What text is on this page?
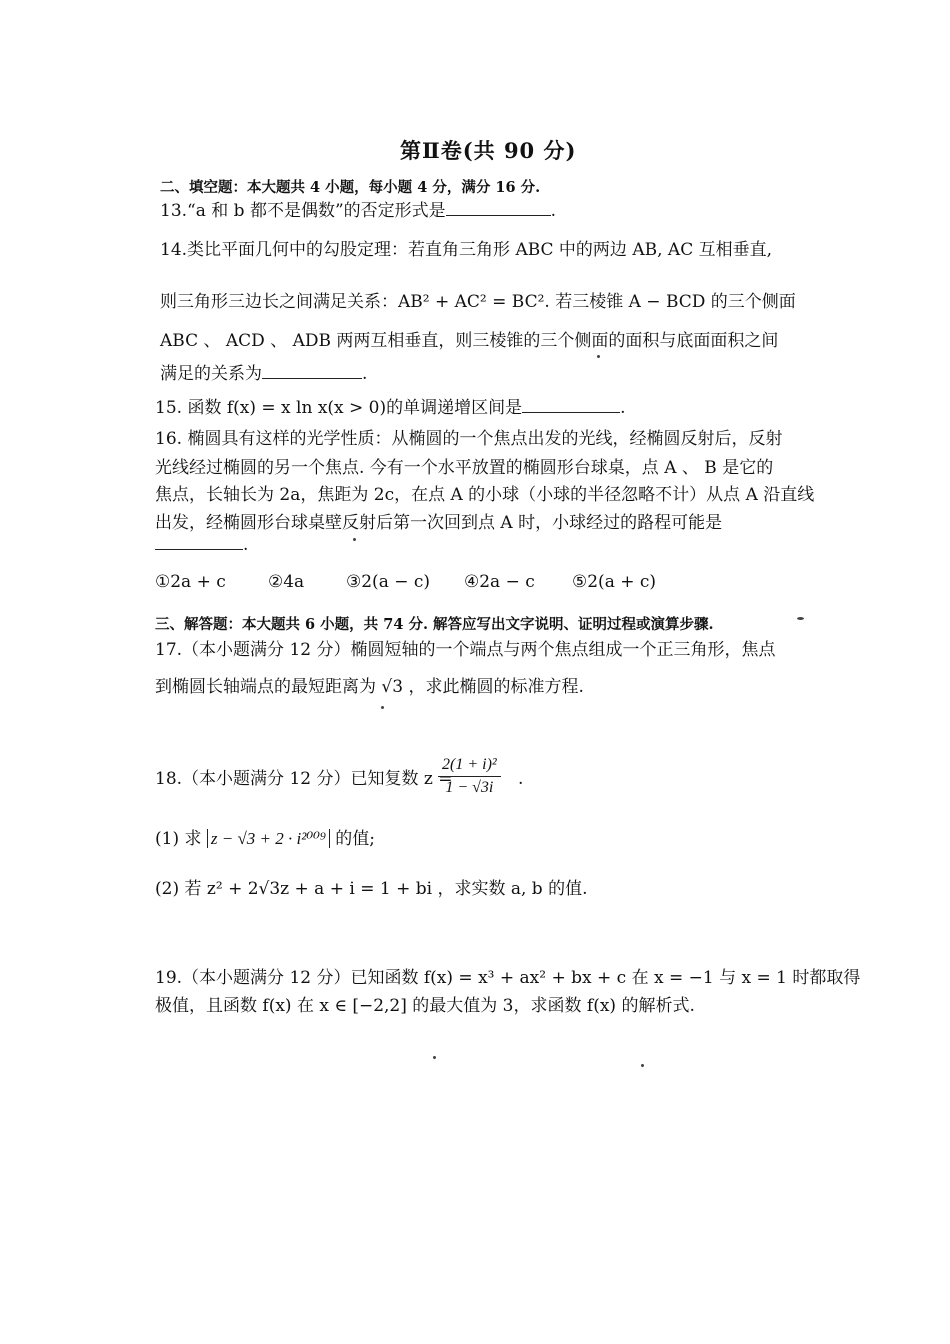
第Ⅱ卷(共 90 分)
二、填空题：本大题共 4 小题，每小题 4 分，满分 16 分.
13.“a 和 b 都不是偶数”的否定形式是	.
14.类比平面几何中的勾股定理：若直角三角形 ABC 中的两边 AB, AC 互相垂直,
则三角形三边长之间满足关系：AB² + AC² = BC². 若三棱锥 A − BCD 的三个侧面
ABC 、 ACD 、 ADB 两两互相垂直，则三棱锥的三个侧面的面积与底面面积之间
满足的关系为	.
15. 函数 f(x) = x ln x(x > 0)的单调递增区间是	.
16. 椭圆具有这样的光学性质：从椭圆的一个焦点出发的光线，经椭圆反射后，反射
光线经过椭圆的另一个焦点. 今有一个水平放置的椭圆形台球桌，点 A 、 B 是它的
焦点，长轴长为 2a，焦距为 2c，在点 A 的小球（小球的半径忽略不计）从点 A 沿直线
出发，经椭圆形台球桌壁反射后第一次回到点 A 时，小球经过的路程可能是
.
①2a + c ②4a ③2(a − c) ④2a − c ⑤2(a + c)
三、解答题：本大题共 6 小题，共 74 分. 解答应写出文字说明、证明过程或演算步骤.
17.（本小题满分 12 分）椭圆短轴的一个端点与两个焦点组成一个正三角形，焦点
到椭圆长轴端点的最短距离为 √3 ，求此椭圆的标准方程.
18.（本小题满分 12 分）已知复数 z =
$\frac{\text{2(1 + i)²}}{1 - √3i}$ .
(1) 求 z − √3 + 2 · i²⁰⁰⁹ 的值;
(2) 若 z² + 2√3z + a + i = 1 + bi ，求实数 a, b 的值.
19.（本小题满分 12 分）已知函数 f(x) = x³ + ax² + bx + c 在 x = −1 与 x = 1 时都取得
极值，且函数 f(x) 在 x ∈ [−2,2] 的最大值为 3，求函数 f(x) 的解析式.
